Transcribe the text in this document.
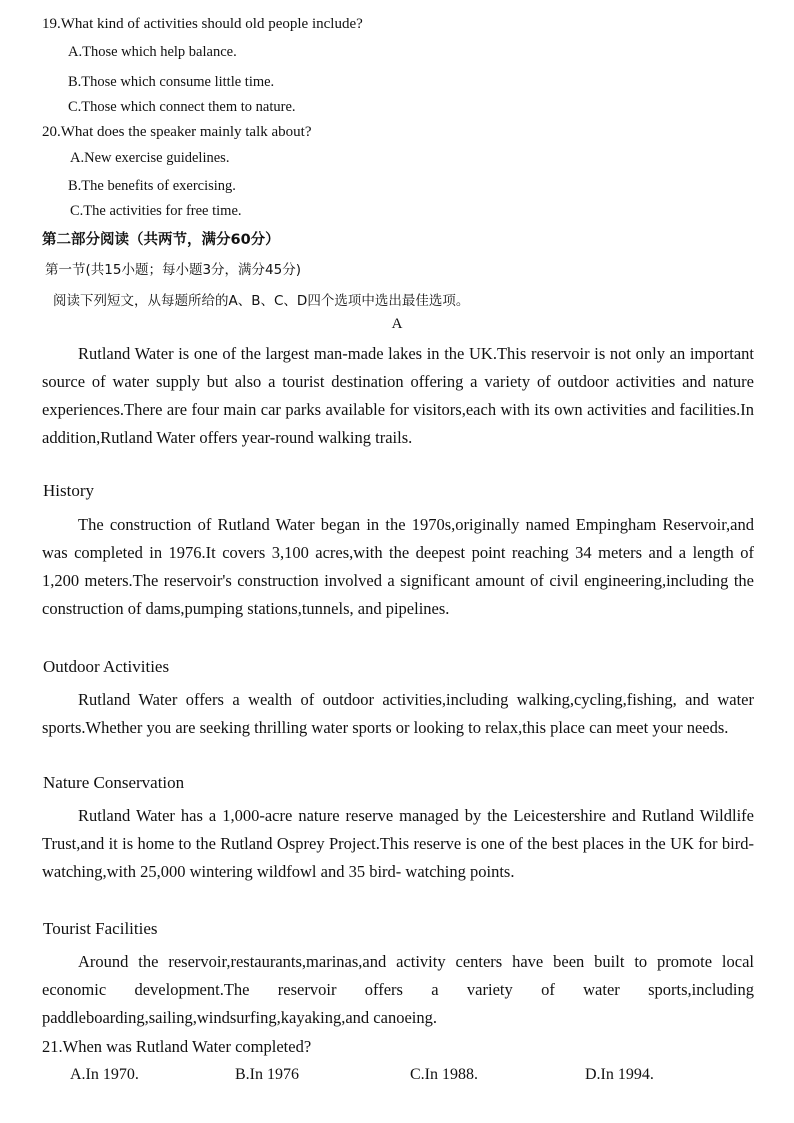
19.What kind of activities should old people include?
A.Those which help balance.
B.Those which consume little time.
C.Those which connect them to nature.
20.What does the speaker mainly talk about?
A.New exercise guidelines.
B.The benefits of exercising.
C.The activities for free time.
第二部分阅读（共两节，满分60分）
第一节(共15小题；每小题3分，满分45分)
阅读下列短文，从每题所给的A、B、C、D四个选项中选出最佳选项。
A

Rutland Water is one of the largest man-made lakes in the UK.This reservoir is not only an important source of water supply but also a tourist destination offering a variety of outdoor activities and nature experiences.There are four main car parks available for visitors,each with its own activities and facilities.In addition,Rutland Water offers year-round walking trails.

History

The construction of Rutland Water began in the 1970s,originally named Empingham Reservoir,and was completed in 1976.It covers 3,100 acres,with the deepest point reaching 34 meters and a length of 1,200 meters.The reservoir's construction involved a significant amount of civil engineering,including the construction of dams,pumping stations,tunnels, and pipelines.

Outdoor Activities

Rutland Water offers a wealth of outdoor activities,including walking,cycling,fishing, and water sports.Whether you are seeking thrilling water sports or looking to relax,this place can meet your needs.

Nature Conservation

Rutland Water has a 1,000-acre nature reserve managed by the Leicestershire and Rutland Wildlife Trust,and it is home to the Rutland Osprey Project.This reserve is one of the best places in the UK for bird-watching,with 25,000 wintering wildfowl and 35 bird- watching points.

Tourist Facilities

Around the reservoir,restaurants,marinas,and activity centers have been built to promote local economic development.The reservoir offers a variety of water sports,including paddleboarding,sailing,windsurfing,kayaking,and canoeing.

21.When was Rutland Water completed?
A.In 1970.	B.In 1976	C.In 1988.	D.In 1994.
